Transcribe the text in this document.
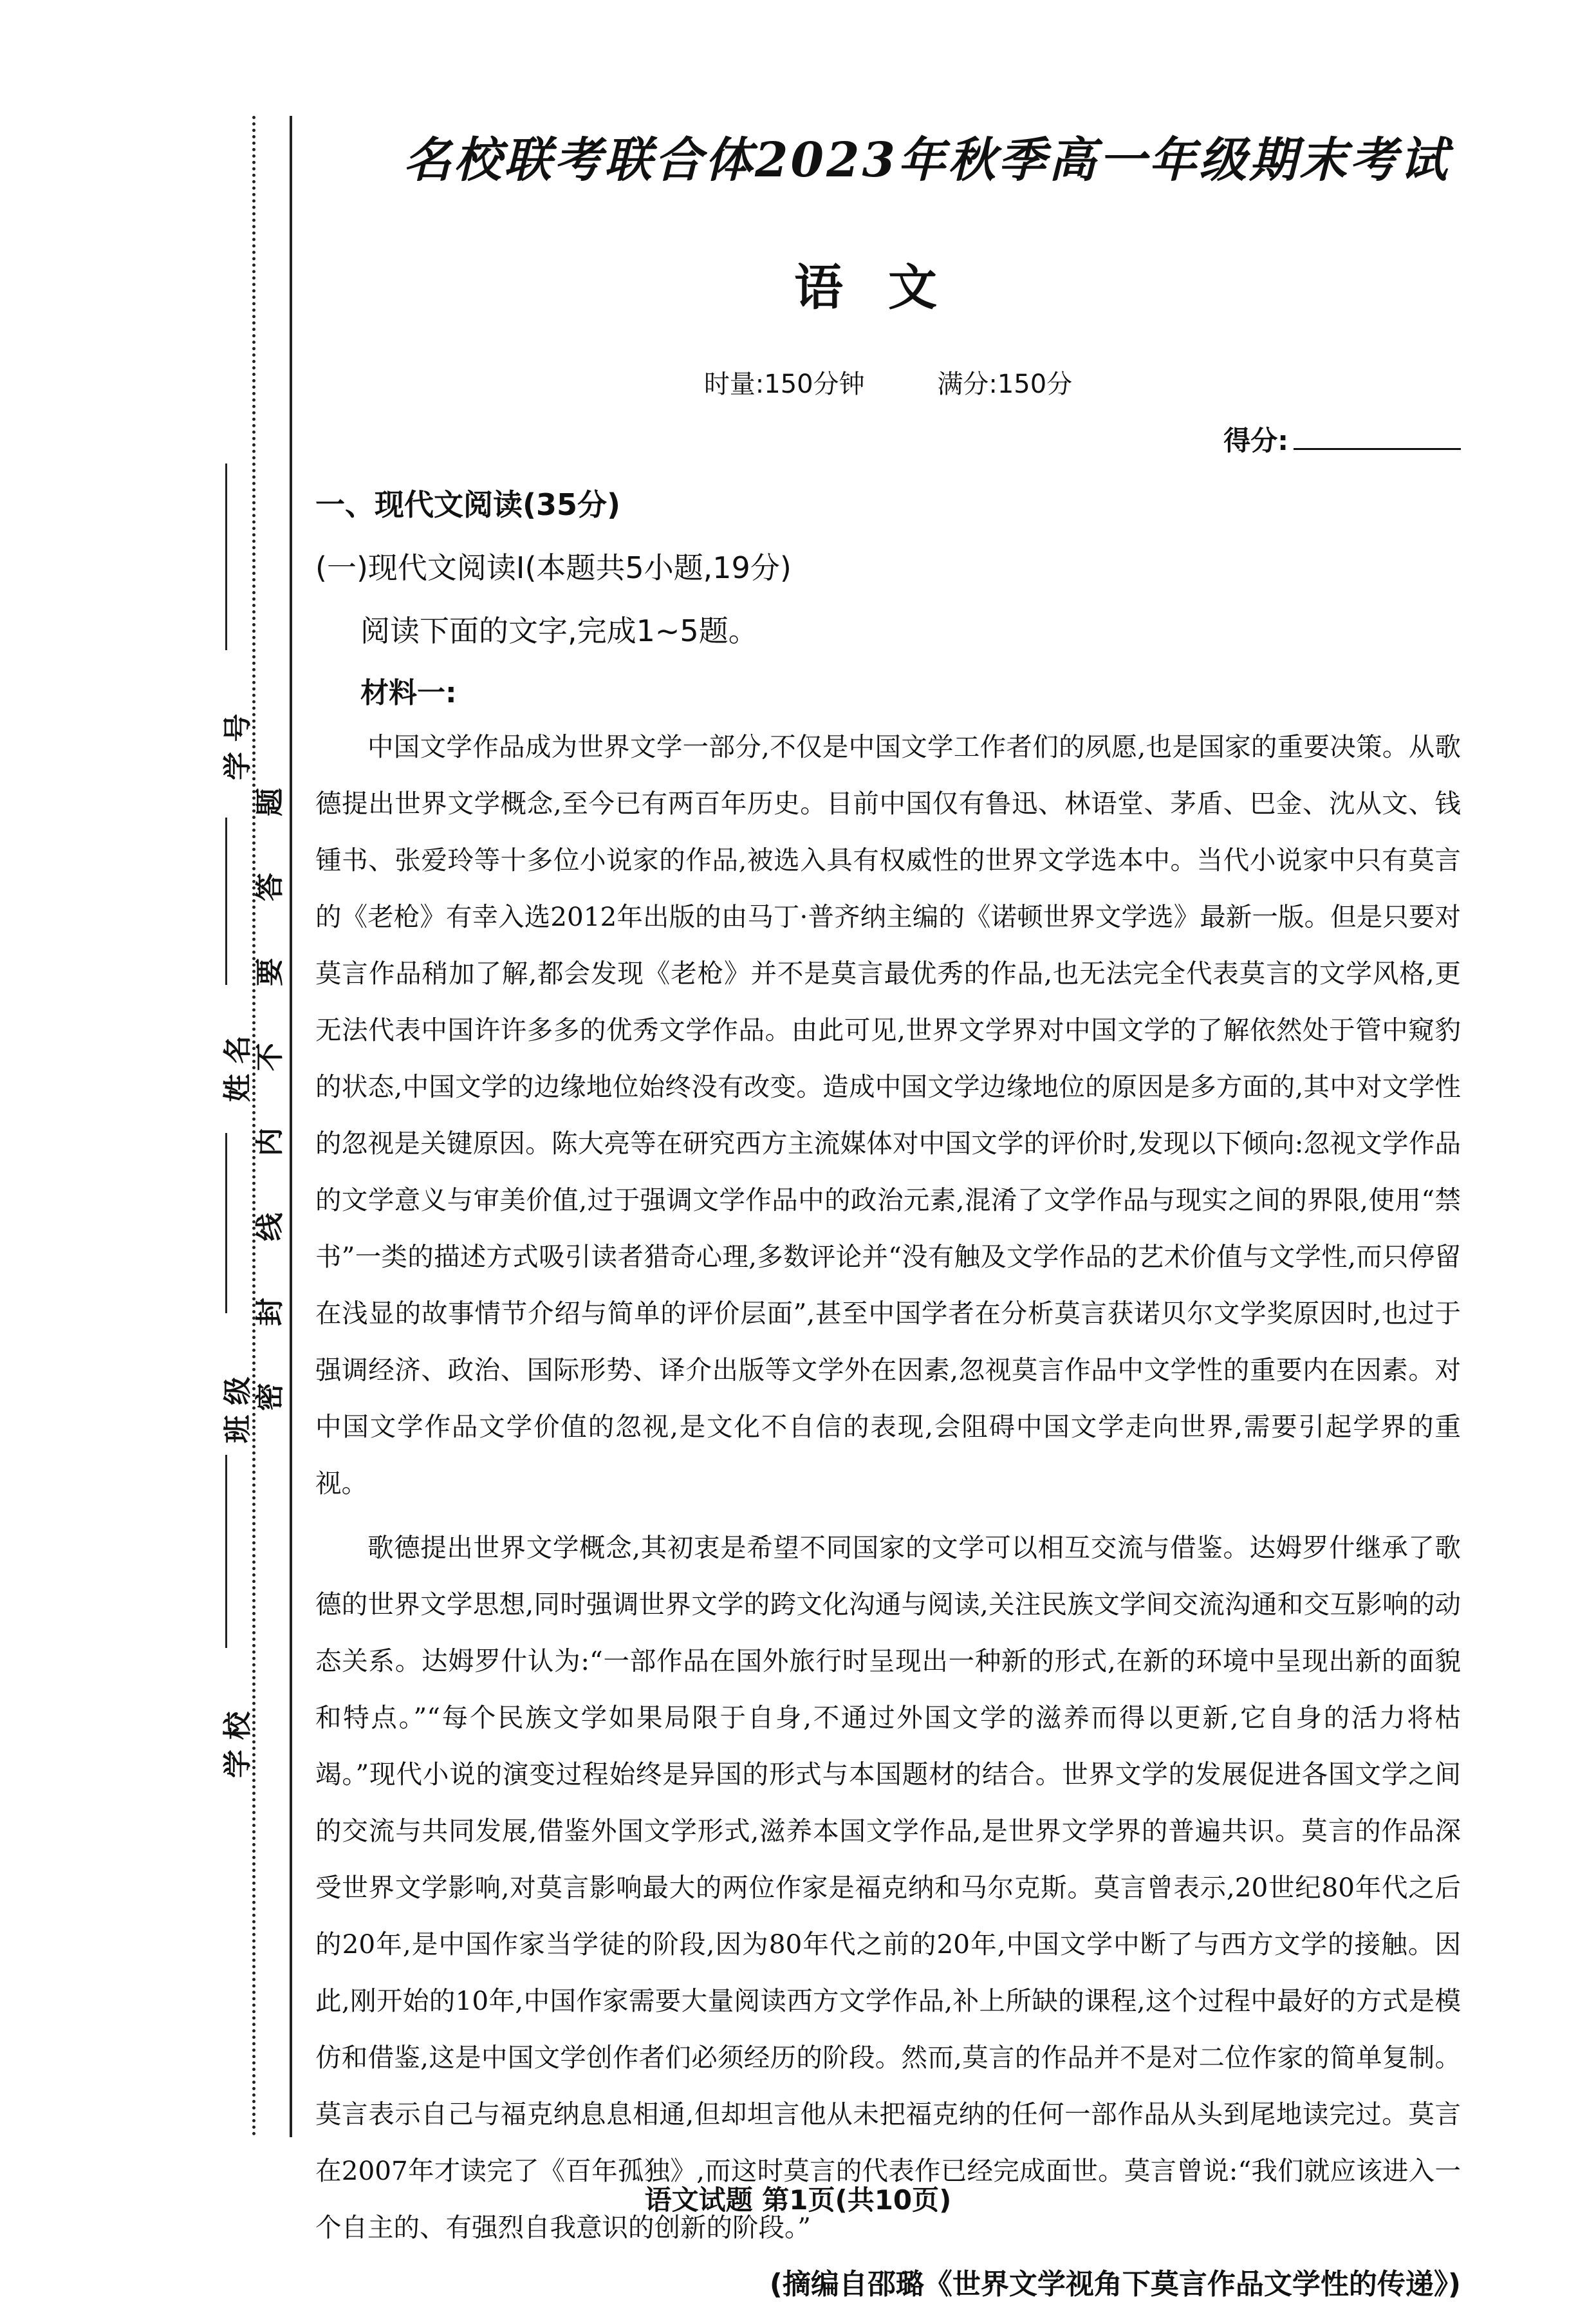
学 号
姓 名
班 级
学 校
题
答
要
不
内
线
封
密
名校联考联合体2023年秋季高一年级期末考试
语文
时量:150分钟	满分:150分
得分:
一、现代文阅读(35分)
(一)现代文阅读Ⅰ(本题共5小题,19分)
阅读下面的文字,完成1~5题。
材料一:

中国文学作品成为世界文学一部分,不仅是中国文学工作者们的夙愿,也是国家的重要决策。从歌德提出世界文学概念,至今已有两百年历史。目前中国仅有鲁迅、林语堂、茅盾、巴金、沈从文、钱锺书、张爱玲等十多位小说家的作品,被选入具有权威性的世界文学选本中。当代小说家中只有莫言的《老枪》有幸入选2012年出版的由马丁·普齐纳主编的《诺顿世界文学选》最新一版。但是只要对莫言作品稍加了解,都会发现《老枪》并不是莫言最优秀的作品,也无法完全代表莫言的文学风格,更无法代表中国许许多多的优秀文学作品。由此可见,世界文学界对中国文学的了解依然处于管中窥豹的状态,中国文学的边缘地位始终没有改变。造成中国文学边缘地位的原因是多方面的,其中对文学性的忽视是关键原因。陈大亮等在研究西方主流媒体对中国文学的评价时,发现以下倾向:忽视文学作品的文学意义与审美价值,过于强调文学作品中的政治元素,混淆了文学作品与现实之间的界限,使用“禁书”一类的描述方式吸引读者猎奇心理,多数评论并“没有触及文学作品的艺术价值与文学性,而只停留在浅显的故事情节介绍与简单的评价层面”,甚至中国学者在分析莫言获诺贝尔文学奖原因时,也过于强调经济、政治、国际形势、译介出版等文学外在因素,忽视莫言作品中文学性的重要内在因素。对中国文学作品文学价值的忽视,是文化不自信的表现,会阻碍中国文学走向世界,需要引起学界的重视。

歌德提出世界文学概念,其初衷是希望不同国家的文学可以相互交流与借鉴。达姆罗什继承了歌德的世界文学思想,同时强调世界文学的跨文化沟通与阅读,关注民族文学间交流沟通和交互影响的动态关系。达姆罗什认为:“一部作品在国外旅行时呈现出一种新的形式,在新的环境中呈现出新的面貌和特点。”“每个民族文学如果局限于自身,不通过外国文学的滋养而得以更新,它自身的活力将枯竭。”现代小说的演变过程始终是异国的形式与本国题材的结合。世界文学的发展促进各国文学之间的交流与共同发展,借鉴外国文学形式,滋养本国文学作品,是世界文学界的普遍共识。莫言的作品深受世界文学影响,对莫言影响最大的两位作家是福克纳和马尔克斯。莫言曾表示,20世纪80年代之后的20年,是中国作家当学徒的阶段,因为80年代之前的20年,中国文学中断了与西方文学的接触。因此,刚开始的10年,中国作家需要大量阅读西方文学作品,补上所缺的课程,这个过程中最好的方式是模仿和借鉴,这是中国文学创作者们必须经历的阶段。然而,莫言的作品并不是对二位作家的简单复制。莫言表示自己与福克纳息息相通,但却坦言他从未把福克纳的任何一部作品从头到尾地读完过。莫言在2007年才读完了《百年孤独》,而这时莫言的代表作已经完成面世。莫言曾说:“我们就应该进入一个自主的、有强烈自我意识的创新的阶段。”

(摘编自邵璐《世界文学视角下莫言作品文学性的传递》)
语文试题 第1页(共10页)
